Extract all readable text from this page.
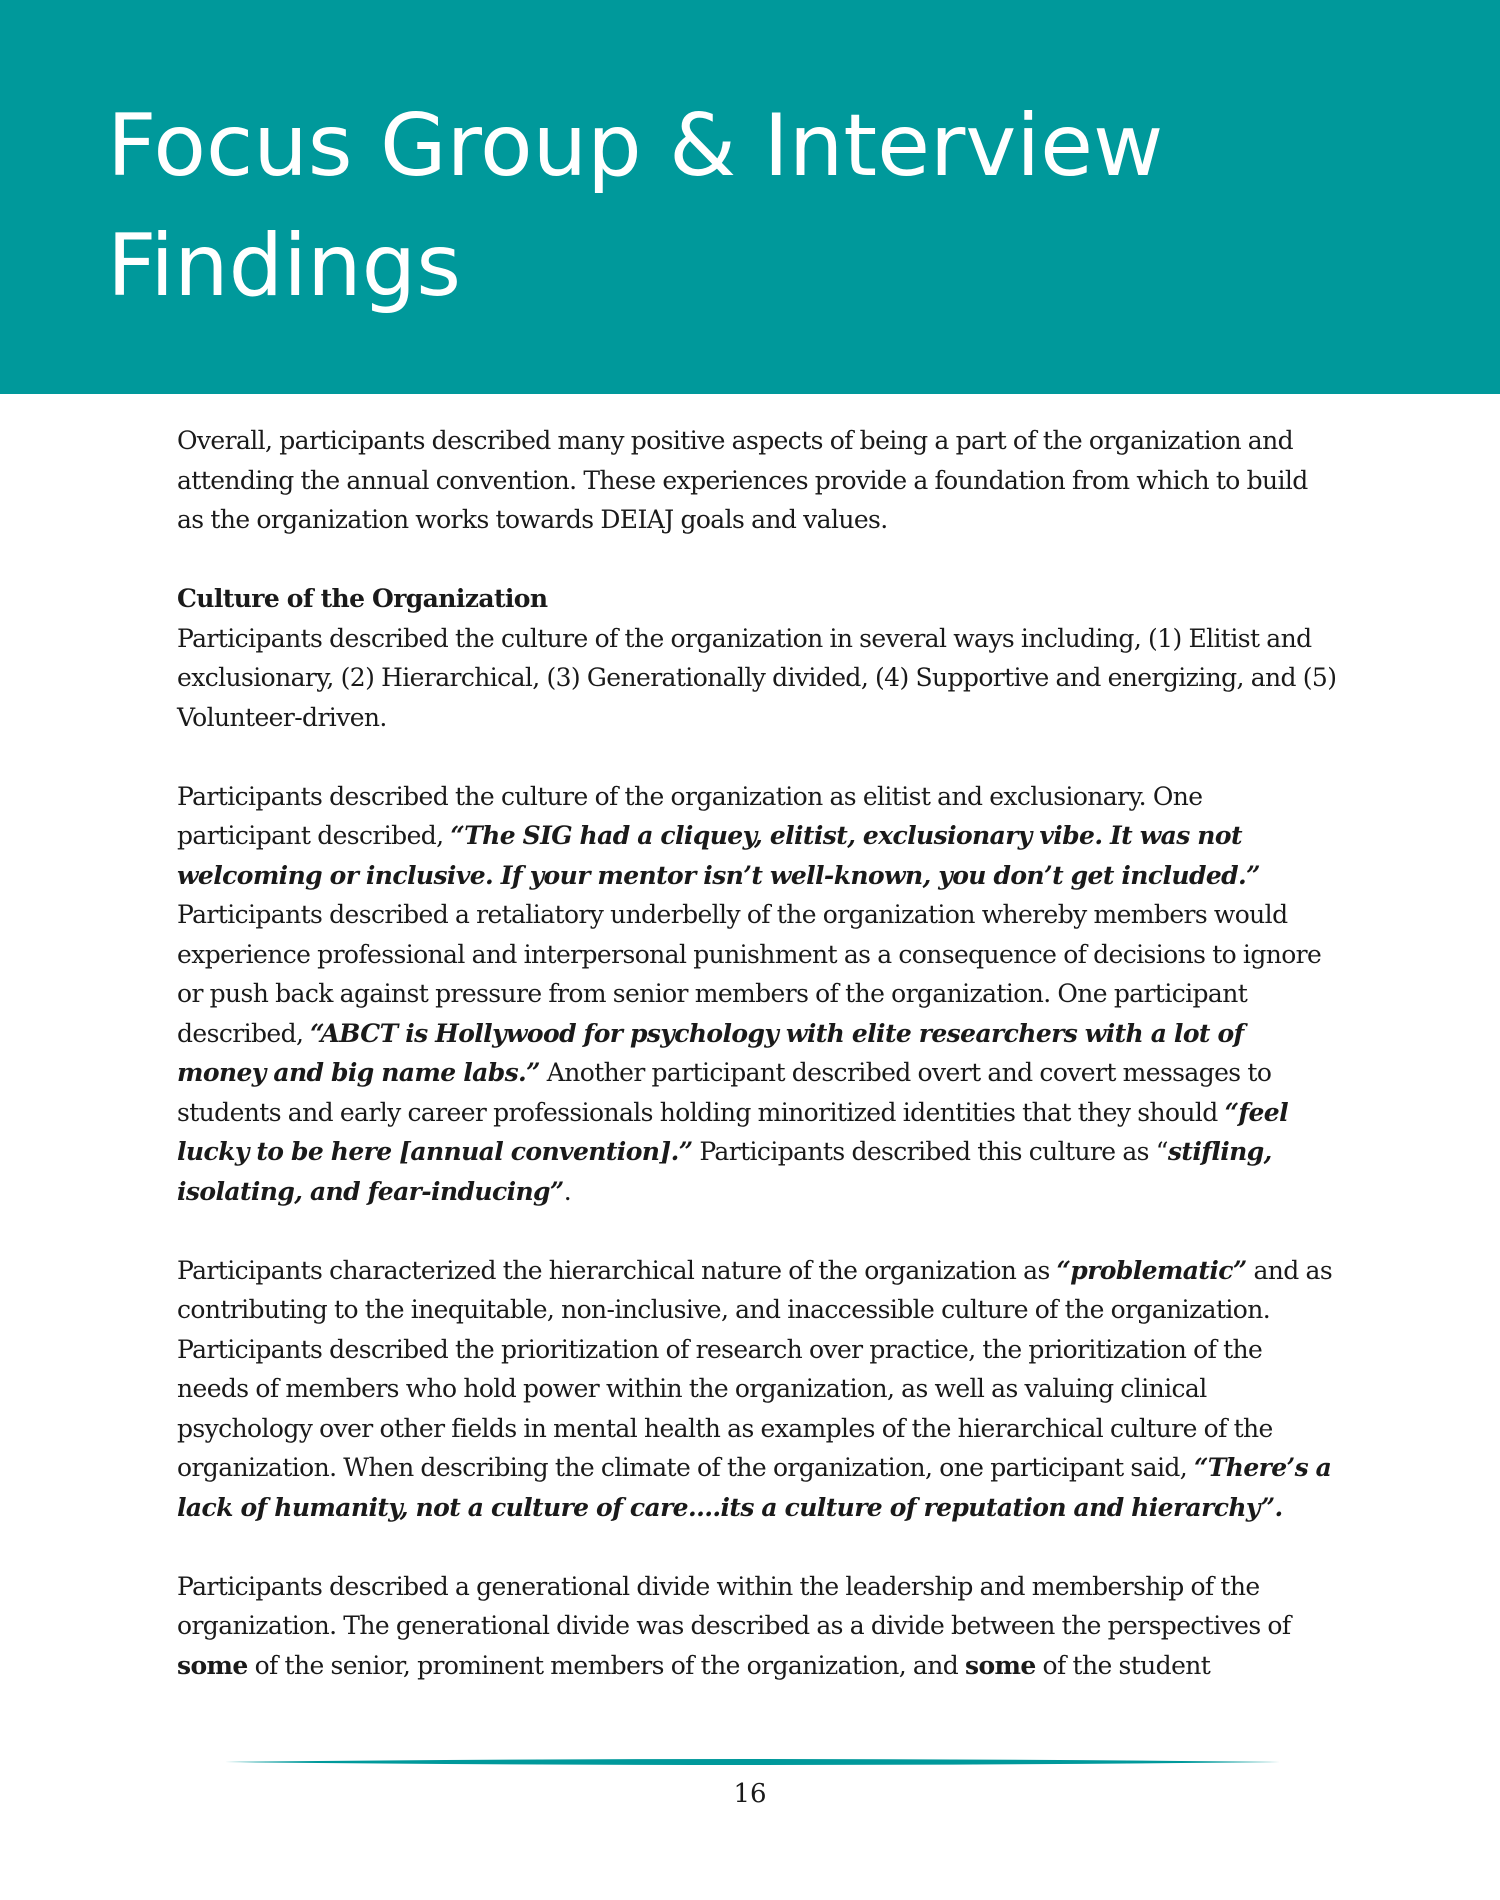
Focus Group & Interview Findings

Overall, participants described many positive aspects of being a part of the organization and attending the annual convention. These experiences provide a foundation from which to build as the organization works towards DEIAJ goals and values.

Culture of the Organization
Participants described the culture of the organization in several ways including, (1) Elitist and exclusionary, (2) Hierarchical, (3) Generationally divided, (4) Supportive and energizing, and (5) Volunteer-driven.

Participants described the culture of the organization as elitist and exclusionary. One participant described, “The SIG had a cliquey, elitist, exclusionary vibe. It was not welcoming or inclusive. If your mentor isn’t well-known, you don’t get included.” Participants described a retaliatory underbelly of the organization whereby members would experience professional and interpersonal punishment as a consequence of decisions to ignore or push back against pressure from senior members of the organization. One participant described, “ABCT is Hollywood for psychology with elite researchers with a lot of money and big name labs.” Another participant described overt and covert messages to students and early career professionals holding minoritized identities that they should “feel lucky to be here [annual convention].” Participants described this culture as “stifling, isolating, and fear-inducing”.

Participants characterized the hierarchical nature of the organization as “problematic” and as contributing to the inequitable, non-inclusive, and inaccessible culture of the organization. Participants described the prioritization of research over practice, the prioritization of the needs of members who hold power within the organization, as well as valuing clinical psychology over other fields in mental health as examples of the hierarchical culture of the organization. When describing the climate of the organization, one participant said, “There’s a lack of humanity, not a culture of care….its a culture of reputation and hierarchy”.

Participants described a generational divide within the leadership and membership of the organization. The generational divide was described as a divide between the perspectives of some of the senior, prominent members of the organization, and some of the student

16
